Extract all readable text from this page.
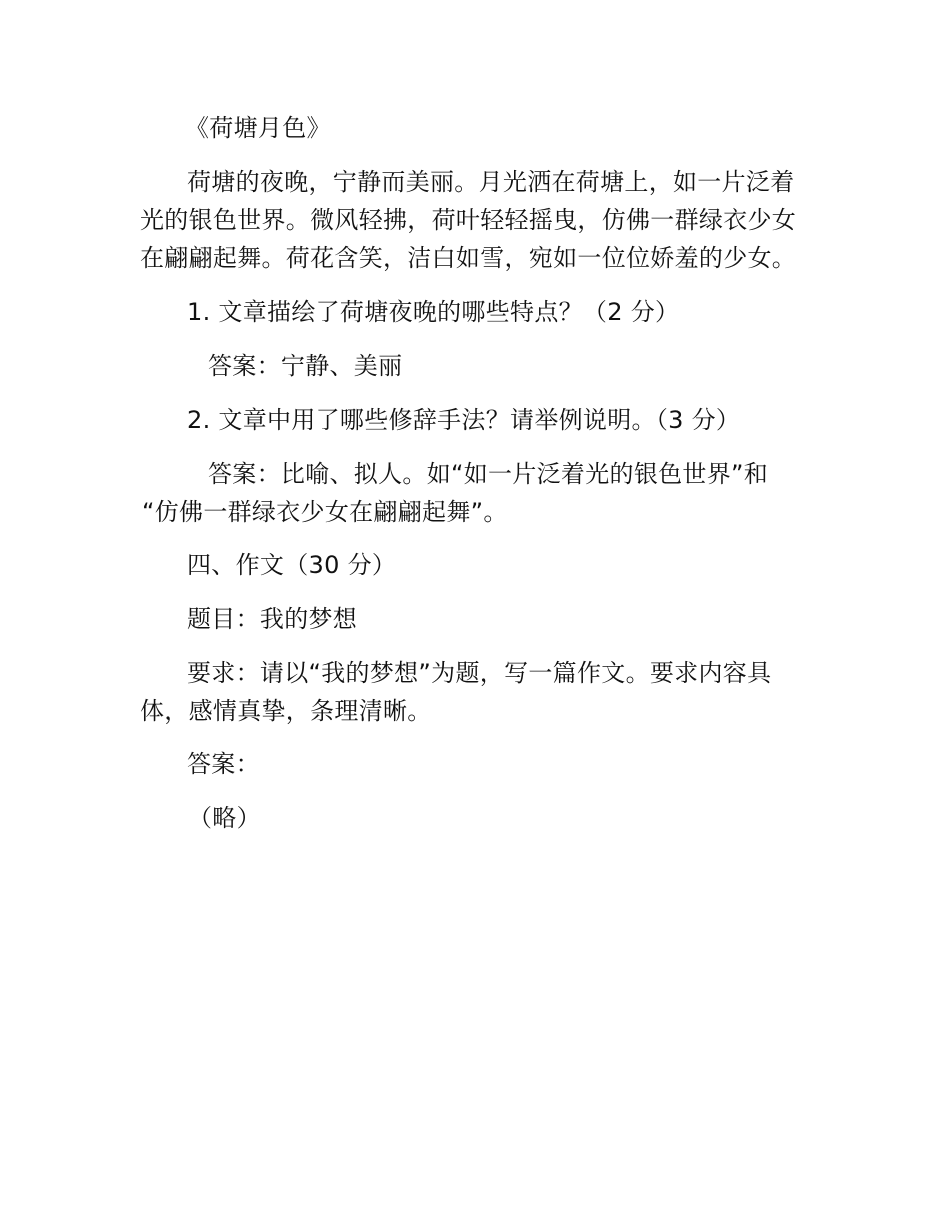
《荷塘月色》
荷塘的夜晚，宁静而美丽。月光洒在荷塘上，如一片泛着
光的银色世界。微风轻拂，荷叶轻轻摇曳，仿佛一群绿衣少女
在翩翩起舞。荷花含笑，洁白如雪，宛如一位位娇羞的少女。
1. 文章描绘了荷塘夜晚的哪些特点？（2 分）
答案：宁静、美丽
2. 文章中用了哪些修辞手法？请举例说明。（3 分）
答案：比喻、拟人。如“如一片泛着光的银色世界”和
“仿佛一群绿衣少女在翩翩起舞”。
四、作文（30 分）
题目：我的梦想
要求：请以“我的梦想”为题，写一篇作文。要求内容具
体，感情真挚，条理清晰。
答案：
（略）
